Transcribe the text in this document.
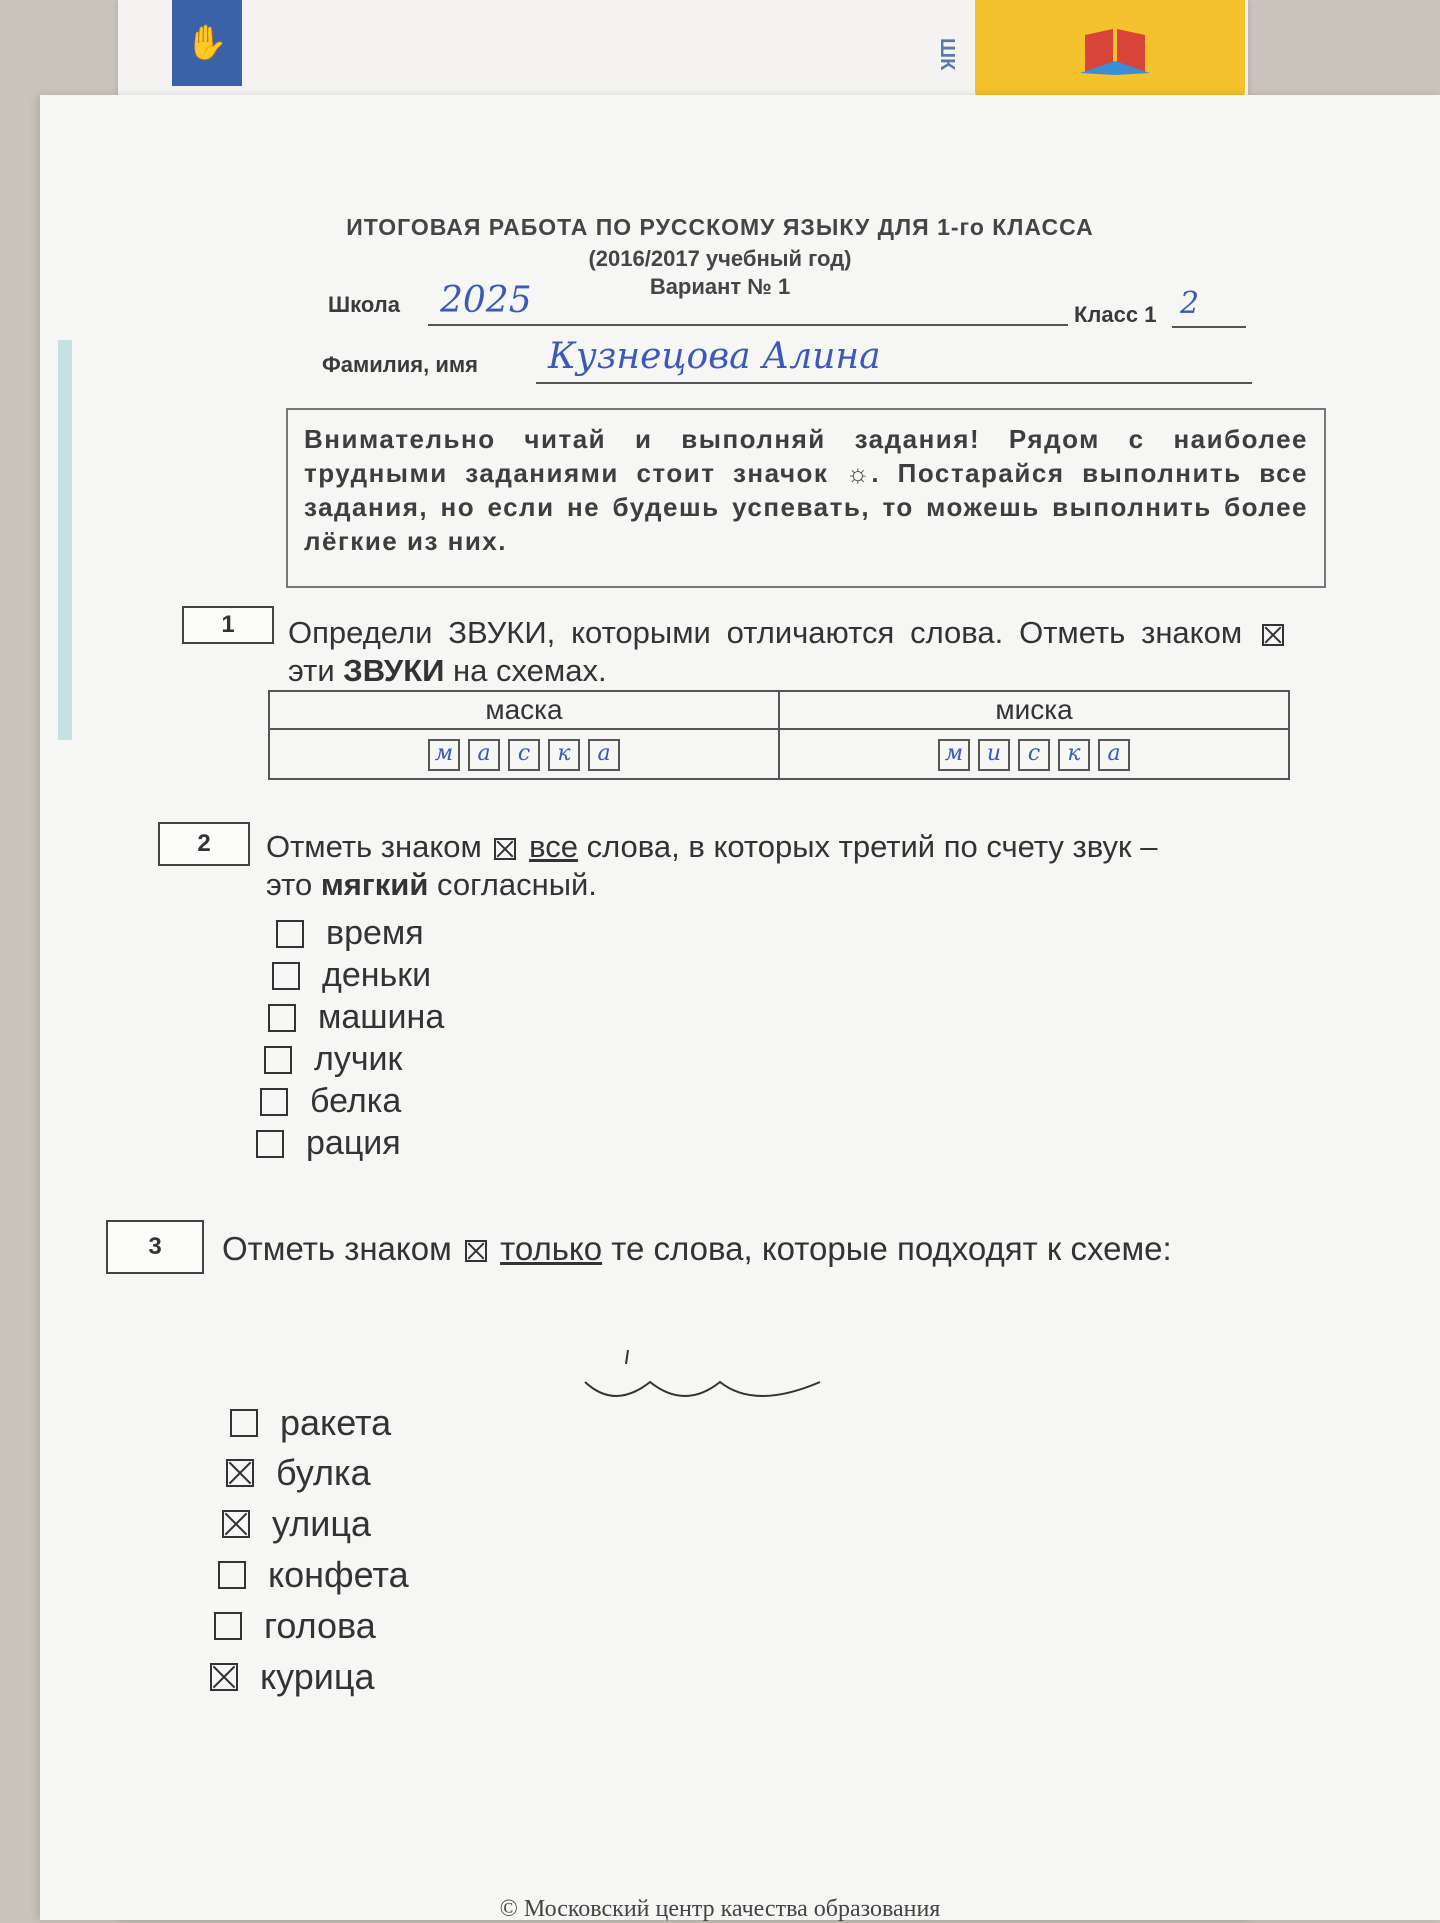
✋	ШК
ИТОГОВАЯ РАБОТА ПО РУССКОМУ ЯЗЫКУ ДЛЯ 1-го КЛАССА
(2016/2017 учебный год)
Вариант № 1
Школа 2025	Класс 1 2
Фамилия, имя Кузнецова Алина
Внимательно читай и выполняй задания! Рядом с наиболее трудными заданиями стоит значок ☼. Постарайся выполнить все задания, но если не будешь успевать, то можешь выполнить более лёгкие из них.
1	Определи ЗВУКИ, которыми отличаются слова. Отметь знаком  эти ЗВУКИ на схемах.
маска	миска
м а с к а	м и с к а
2	Отметь знаком все слова, в которых третий по счету звук –
это мягкий согласный.
время
деньки
машина
лучик
белка
рация
3	Отметь знаком только те слова, которые подходят к схеме:
ракета
булка
улица
конфета
голова
курица
© Московский центр качества образования
